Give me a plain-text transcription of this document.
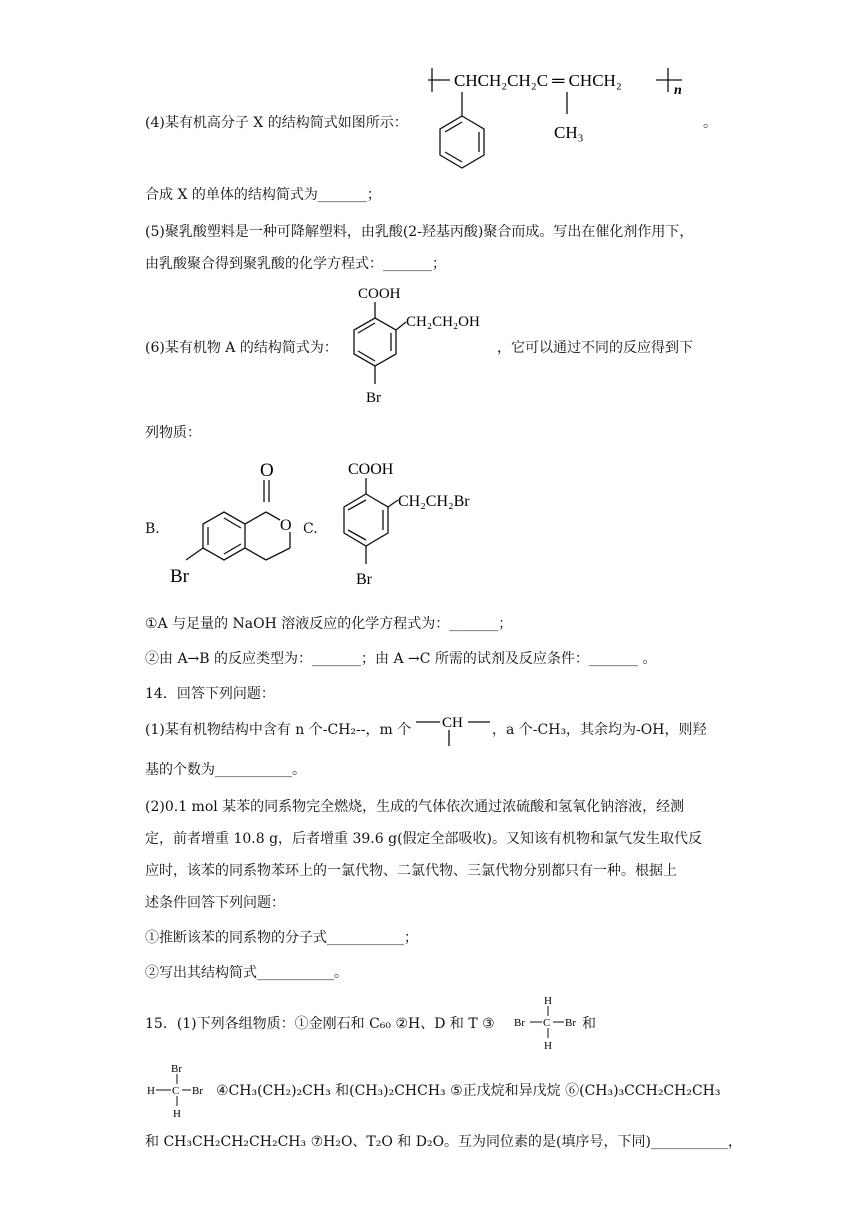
(4)某有机高分子 X 的结构简式如图所示：
CHCH₂CH₂C ═ CHCH₂
n
CH₃	。
合成 X 的单体的结构简式为_______；
(5)聚乳酸塑料是一种可降解塑料，由乳酸(2-羟基丙酸)聚合而成。写出在催化剂作用下，
由乳酸聚合得到聚乳酸的化学方程式：_______；
(6)某有机物 A 的结构简式为：
COOH
CH₂CH₂OH
Br
，它可以通过不同的反应得到下
列物质：
B.
O
O
Br
C.
COOH
CH₂CH₂Br
Br
①A 与足量的 NaOH 溶液反应的化学方程式为：_______；
②由 A→B 的反应类型为：_______；由 A →C 所需的试剂及反应条件：_______ 。
14．回答下列问题：
(1)某有机物结构中含有 n 个-CH₂--，m 个 CH ，a 个-CH₃，其余均为-OH，则羟
基的个数为___________。
(2)0.1 mol 某苯的同系物完全燃烧，生成的气体依次通过浓硫酸和氢氧化钠溶液，经测
定，前者增重 10.8 g，后者增重 39.6 g(假定全部吸收)。又知该有机物和氯气发生取代反
应时，该苯的同系物苯环上的一氯代物、二氯代物、三氯代物分别都只有一种。根据上
述条件回答下列问题：
①推断该苯的同系物的分子式___________；
②写出其结构简式___________。
15．(1)下列各组物质：①金刚石和 C₆₀ ②H、D 和 T ③
H
Br C Br
H
和
Br
H C Br
H
④CH₃(CH₂)₂CH₃ 和(CH₃)₂CHCH₃ ⑤正戊烷和异戊烷 ⑥(CH₃)₃CCH₂CH₂CH₃
和 CH₃CH₂CH₂CH₂CH₃ ⑦H₂O、T₂O 和 D₂O。互为同位素的是(填序号，下同)___________，
